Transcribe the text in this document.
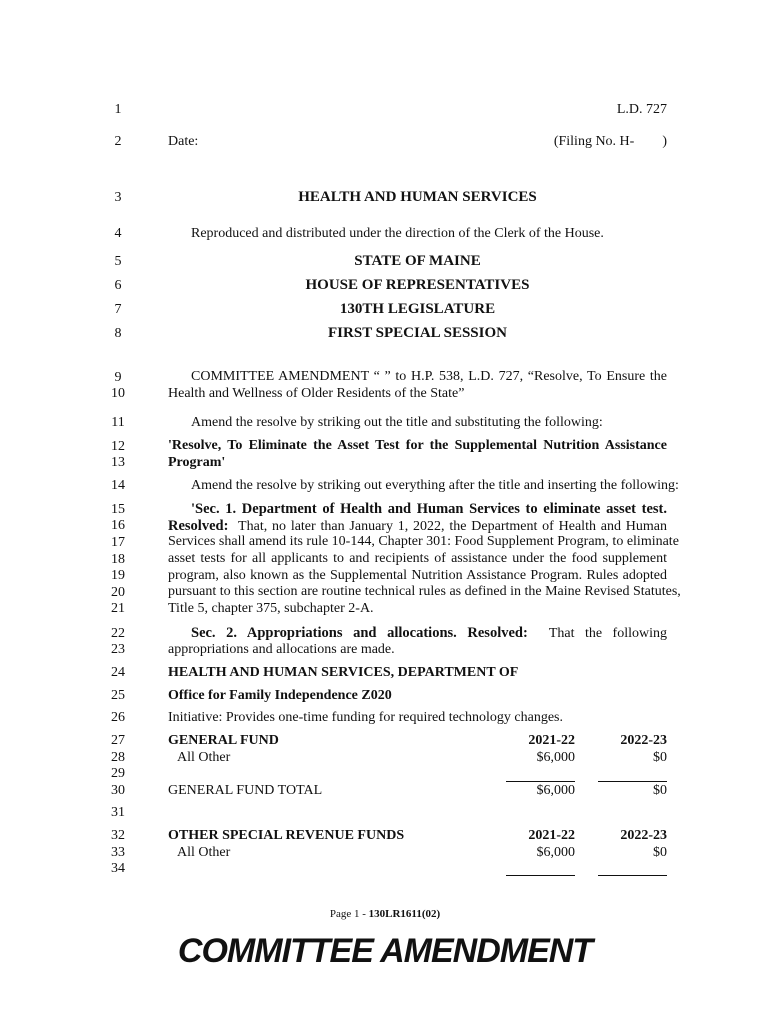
1
2
3
4
5
6
7
8
9
10
11
12
13
14
15
16
17
18
19
20
21
22
23
24
25
26
27
28
29
30
31
32
33
34
L.D. 727
Date:	(Filing No. H-        )
HEALTH AND HUMAN SERVICES
Reproduced and distributed under the direction of the Clerk of the House.
STATE OF MAINE
HOUSE OF REPRESENTATIVES
130TH LEGISLATURE
FIRST SPECIAL SESSION
COMMITTEE AMENDMENT “ ” to H.P. 538, L.D. 727, “Resolve, To Ensure the
Health and Wellness of Older Residents of the State”
Amend the resolve by striking out the title and substituting the following:
'Resolve, To Eliminate the Asset Test for the Supplemental Nutrition Assistance
Program'
Amend the resolve by striking out everything after the title and inserting the following:
'Sec. 1. Department of Health and Human Services to eliminate asset test.
Resolved: That, no later than January 1, 2022, the Department of Health and Human
Services shall amend its rule 10-144, Chapter 301: Food Supplement Program, to eliminate
asset tests for all applicants to and recipients of assistance under the food supplement
program, also known as the Supplemental Nutrition Assistance Program. Rules adopted
pursuant to this section are routine technical rules as defined in the Maine Revised Statutes,
Title 5, chapter 375, subchapter 2-A.
Sec. 2. Appropriations and allocations. Resolved: That the following
appropriations and allocations are made.
HEALTH AND HUMAN SERVICES, DEPARTMENT OF
Office for Family Independence Z020
Initiative: Provides one-time funding for required technology changes.
GENERAL FUND	2021-22	2022-23
All Other	$6,000	$0
GENERAL FUND TOTAL	$6,000	$0
OTHER SPECIAL REVENUE FUNDS	2021-22	2022-23
All Other	$6,000	$0
Page 1 - 130LR1611(02)
COMMITTEE AMENDMENT
